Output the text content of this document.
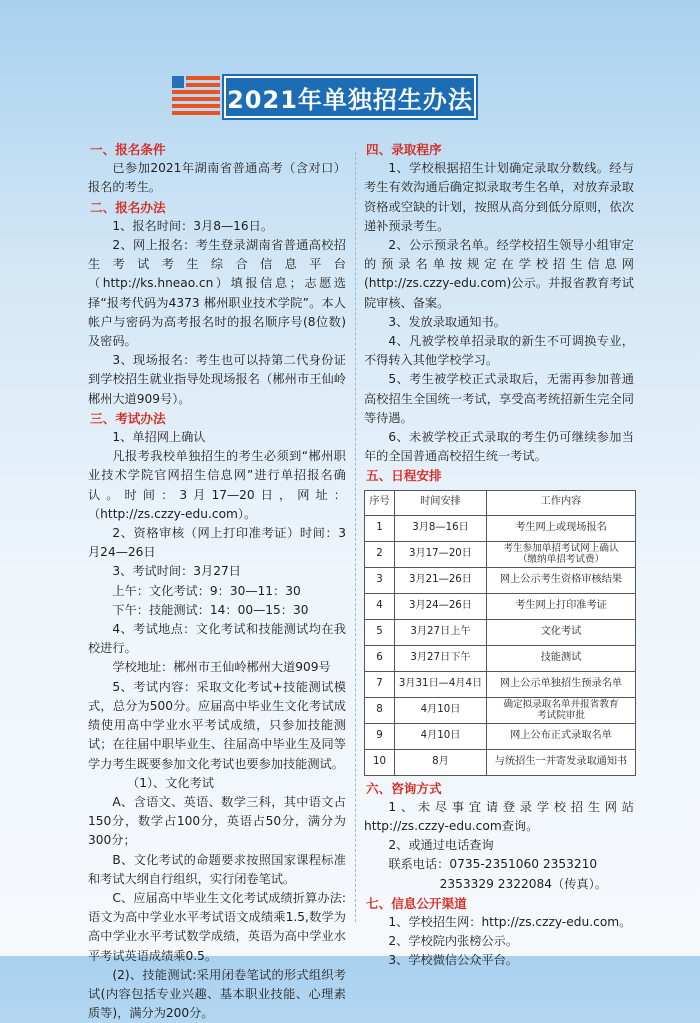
2021年单独招生办法

一、报名条件

已参加2021年湖南省普通高考（含对口）报名的考生。

二、报名办法

1、报名时间：3月8—16日。

2、网上报名：考生登录湖南省普通高校招生考试考生综合信息平台（http://ks.hneao.cn）填报信息；志愿选择“报考代码为4373 郴州职业技术学院”。本人帐户与密码为高考报名时的报名顺序号(8位数)及密码。

3、现场报名：考生也可以持第二代身份证到学校招生就业指导处现场报名（郴州市王仙岭郴州大道909号）。

三、考试办法

1、单招网上确认

凡报考我校单独招生的考生必须到“郴州职业技术学院官网招生信息网”进行单招报名确认。时间：3月17—20日，网址：（http://zs.czzy-edu.com）。

2、资格审核（网上打印准考证）时间：3月24—26日

3、考试时间：3月27日

上午：文化考试：9：30—11：30

下午：技能测试：14：00—15：30

4、考试地点：文化考试和技能测试均在我校进行。

学校地址：郴州市王仙岭郴州大道909号

5、考试内容：采取文化考试+技能测试模式，总分为500分。应届高中毕业生文化考试成绩使用高中学业水平考试成绩，只参加技能测试；在往届中职毕业生、往届高中毕业生及同等学力考生既要参加文化考试也要参加技能测试。

（1）、文化考试

A、含语文、英语、数学三科，其中语文占150分，数学占100分，英语占50分，满分为300分；

B、文化考试的命题要求按照国家课程标准和考试大纲自行组织，实行闭卷笔试。

C、应届高中毕业生文化考试成绩折算办法:语文为高中学业水平考试语文成绩乘1.5,数学为高中学业水平考试数学成绩，英语为高中学业水平考试英语成绩乘0.5。

(2)、技能测试:采用闭卷笔试的形式组织考试(内容包括专业兴趣、基本职业技能、心理素质等)，满分为200分。

四、录取程序

1、学校根据招生计划确定录取分数线。经与考生有效沟通后确定拟录取考生名单，对放弃录取资格或空缺的计划，按照从高分到低分原则，依次递补预录考生。

2、公示预录名单。经学校招生领导小组审定的预录名单按规定在学校招生信息网(http://zs.czzy-edu.com)公示。并报省教育考试院审核、备案。

3、发放录取通知书。

4、凡被学校单招录取的新生不可调换专业，不得转入其他学校学习。

5、考生被学校正式录取后，无需再参加普通高校招生全国统一考试，享受高考统招新生完全同等待遇。

6、未被学校正式录取的考生仍可继续参加当年的全国普通高校招生统一考试。

五、日程安排

序号	时间安排	工作内容
1	3月8—16日	考生网上或现场报名
2	3月17—20日	考生参加单招考试网上确认
（缴纳单招考试费）

3	3月21—26日	网上公示考生资格审核结果
4	3月24—26日	考生网上打印准考证
5	3月27日上午	文化考试
6	3月27日下午	技能测试
7	3月31日—4月4日	网上公示单独招生预录名单
8	4月10日	确定拟录取名单并报省教育
考试院审批

9	4月10日	网上公布正式录取名单
10	8月	与统招生一并寄发录取通知书

六、咨询方式

1、未尽事宜请登录学校招生网站http://zs.czzy-edu.com查询。

2、或通过电话查询

联系电话：0735-2351060 2353210

2353329 2322084（传真）。

七、信息公开渠道

1、学校招生网：http://zs.czzy-edu.com。

2、学校院内张榜公示。

3、学校微信公众平台。
